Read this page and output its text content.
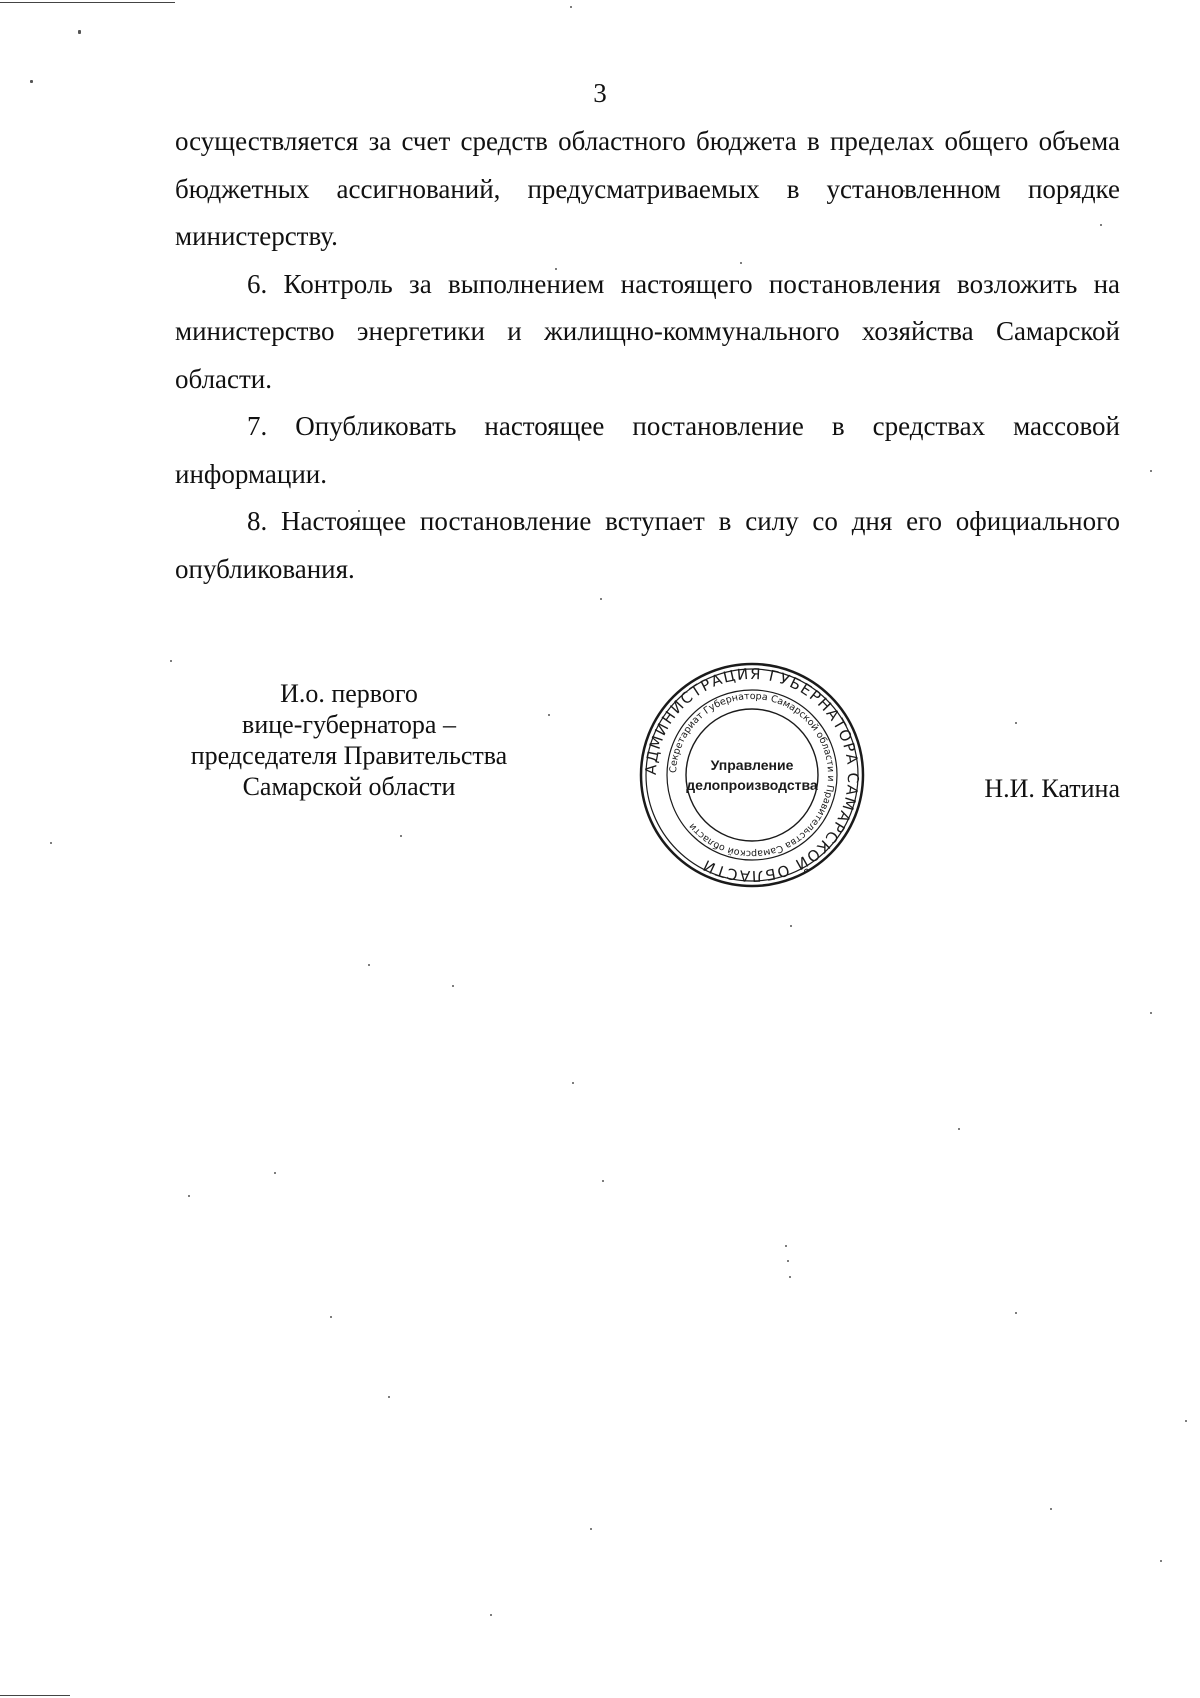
3

осуществляется за счет средств областного бюджета в пределах общего объема бюджетных ассигнований, предусматриваемых в установленном порядке министерству.

6. Контроль за выполнением настоящего постановления возложить на министерство энергетики и жилищно-коммунального хозяйства Самарской области.

7. Опубликовать настоящее постановление в средствах массовой информации.

8. Настоящее постановление вступает в силу со дня его официального опубликования.

И.о. первого
вице-губернатора –
председателя Правительства
Самарской области
АДМИНИСТРАЦИЯ ГУБЕРНАТОРА САМАРСКОЙ ОБЛАСТИ
Секретариат Губернатора Самарской области и Правительства Самарской области
Управление
делопроизводства	Н.И. Катина
